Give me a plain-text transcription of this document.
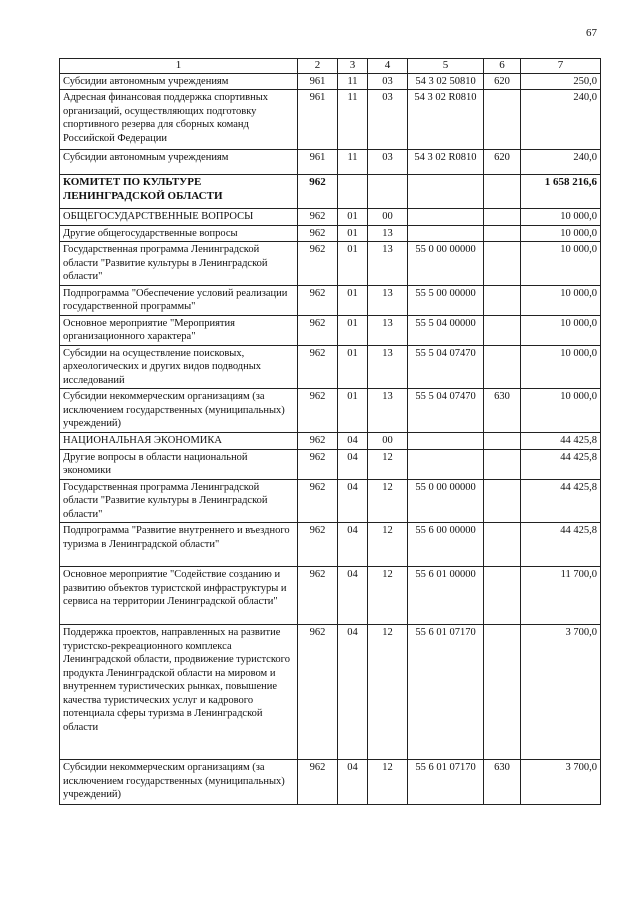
67
1	2	3	4	5	6	7
Субсидии автономным учреждениям	961	11	03	54 3 02 50810	620	250,0
Адресная финансовая поддержка спортивных организаций, осуществляющих подготовку спортивного резерва для сборных команд Российской Федерации	961	11	03	54 3 02 R0810		240,0
Субсидии автономным учреждениям	961	11	03	54 3 02 R0810	620	240,0
КОМИТЕТ ПО КУЛЬТУРЕ ЛЕНИНГРАДСКОЙ ОБЛАСТИ	962					1 658 216,6
ОБЩЕГОСУДАРСТВЕННЫЕ ВОПРОСЫ	962	01	00			10 000,0
Другие общегосударственные вопросы	962	01	13			10 000,0
Государственная программа Ленинградской области "Развитие культуры в Ленинградской области"	962	01	13	55 0 00 00000		10 000,0
Подпрограмма "Обеспечение условий реализации государственной программы"	962	01	13	55 5 00 00000		10 000,0
Основное мероприятие "Мероприятия организационного характера"	962	01	13	55 5 04 00000		10 000,0
Субсидии на осуществление поисковых, археологических и других видов подводных исследований	962	01	13	55 5 04 07470		10 000,0
Субсидии некоммерческим организациям (за исключением государственных (муниципальных) учреждений)	962	01	13	55 5 04 07470	630	10 000,0
НАЦИОНАЛЬНАЯ ЭКОНОМИКА	962	04	00			44 425,8
Другие вопросы в области национальной экономики	962	04	12			44 425,8
Государственная программа Ленинградской области "Развитие культуры в Ленинградской области"	962	04	12	55 0 00 00000		44 425,8
Подпрограмма "Развитие внутреннего и въездного туризма в Ленинградской области"	962	04	12	55 6 00 00000		44 425,8
Основное мероприятие "Содействие созданию и развитию объектов туристской инфраструктуры и сервиса на территории Ленинградской области"	962	04	12	55 6 01 00000		11 700,0
Поддержка проектов, направленных на развитие туристско-рекреационного комплекса Ленинградской области, продвижение туристского продукта Ленинградской области на мировом и внутреннем туристических рынках, повышение качества туристических услуг и кадрового потенциала сферы туризма в Ленинградской области	962	04	12	55 6 01 07170		3 700,0
Субсидии некоммерческим организациям (за исключением государственных (муниципальных) учреждений)	962	04	12	55 6 01 07170	630	3 700,0
